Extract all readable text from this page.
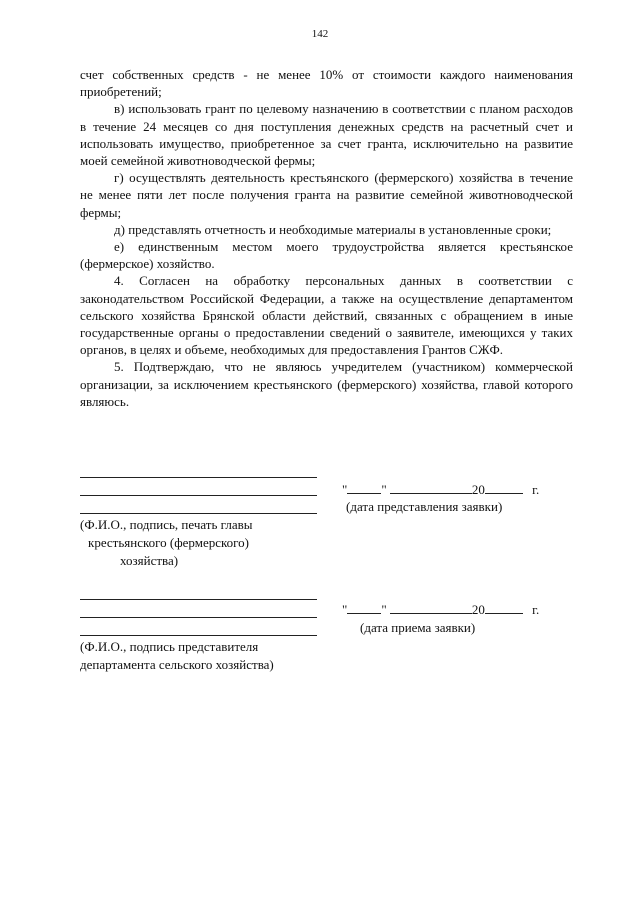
142

счет собственных средств - не менее 10% от стоимости каждого наименования приобретений;

в) использовать грант по целевому назначению в соответствии с планом расходов в течение 24 месяцев со дня поступления денежных средств на расчетный счет и использовать имущество, приобретенное за счет гранта, исключительно на развитие моей семейной животноводческой фермы;

г) осуществлять деятельность крестьянского (фермерского) хозяйства в течение не менее пяти лет после получения гранта на развитие семейной животноводческой фермы;

д) представлять отчетность и необходимые материалы в установленные сроки;

е) единственным местом моего трудоустройства является крестьянское (фермерское) хозяйство.

4. Согласен на обработку персональных данных в соответствии с законодательством Российской Федерации, а также на осуществление департаментом сельского хозяйства Брянской области действий, связанных с обращением в иные государственные органы о предоставлении сведений о заявителе, имеющихся у таких органов, в целях и объеме, необходимых для предоставления Грантов СЖФ.

5. Подтверждаю, что не являюсь учредителем (участником) коммерческой организации, за исключением крестьянского (фермерского) хозяйства, главой которого являюсь.

(Ф.И.О., подпись, печать главы
крестьянского (фермерского)
хозяйства)
"	"	20	г.
(дата представления заявки)
(Ф.И.О., подпись представителя
департамента сельского хозяйства)
"	"	20	г.
(дата приема заявки)
